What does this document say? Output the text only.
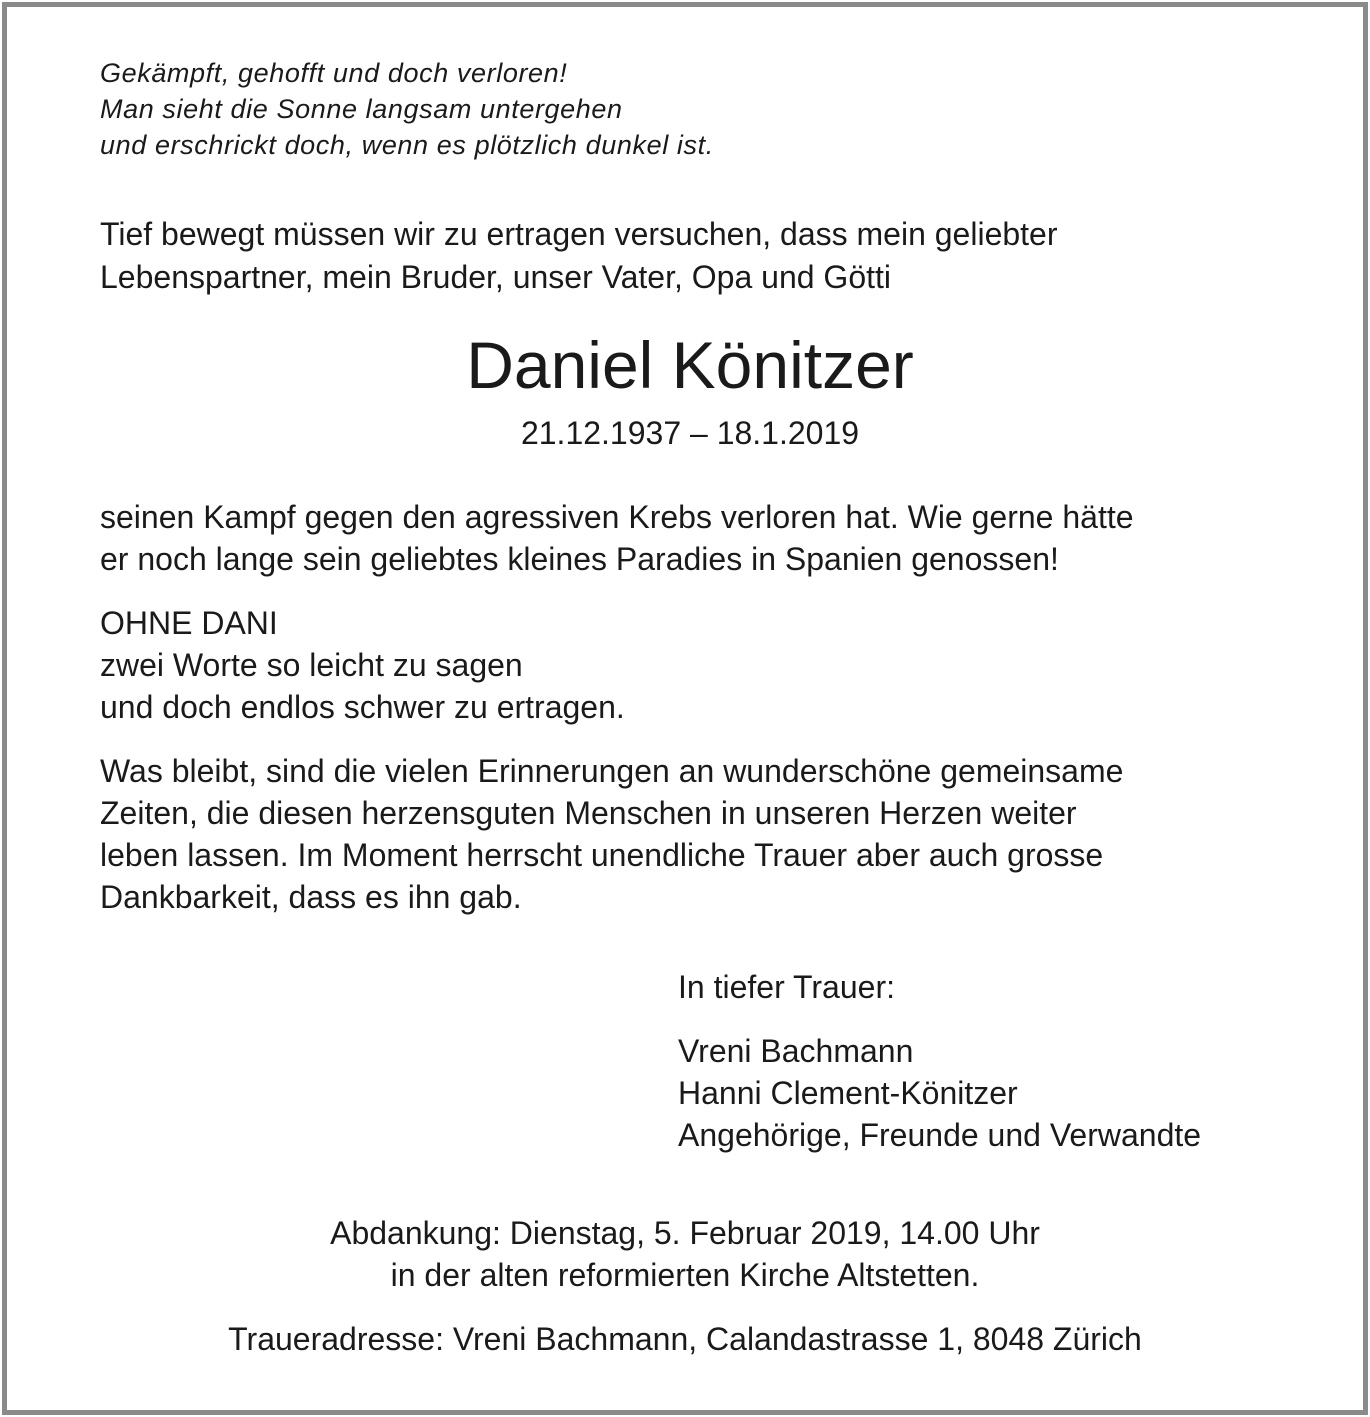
Gekämpft, gehofft und doch verloren!
Man sieht die Sonne langsam untergehen
und erschrickt doch, wenn es plötzlich dunkel ist.
Tief bewegt müssen wir zu ertragen versuchen, dass mein geliebter
Lebenspartner, mein Bruder, unser Vater, Opa und Götti
Daniel Könitzer
21.12.1937 – 18.1.2019
seinen Kampf gegen den agressiven Krebs verloren hat. Wie gerne hätte
er noch lange sein geliebtes kleines Paradies in Spanien genossen!
OHNE DANI
zwei Worte so leicht zu sagen
und doch endlos schwer zu ertragen.
Was bleibt, sind die vielen Erinnerungen an wunderschöne gemeinsame
Zeiten, die diesen herzensguten Menschen in unseren Herzen weiter
leben lassen. Im Moment herrscht unendliche Trauer aber auch grosse
Dankbarkeit, dass es ihn gab.
In tiefer Trauer:
Vreni Bachmann
Hanni Clement-Könitzer
Angehörige, Freunde und Verwandte
Abdankung: Dienstag, 5. Februar 2019, 14.00 Uhr
in der alten reformierten Kirche Altstetten.
Traueradresse: Vreni Bachmann, Calandastrasse 1, 8048 Zürich
